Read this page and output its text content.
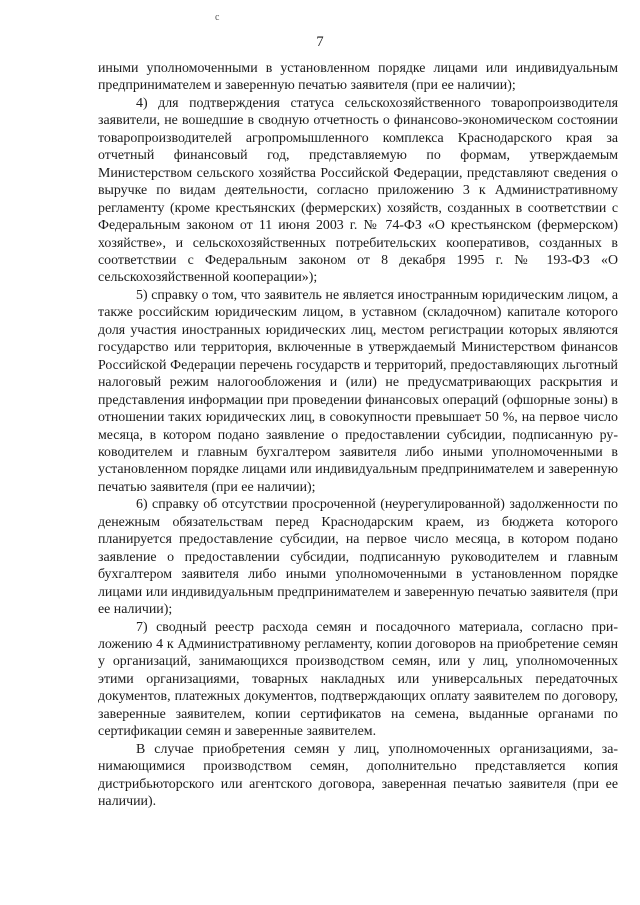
с
7

иными уполномоченными в установленном порядке лицами или индивидуальным предпринимателем и заверенную печатью заявителя (при ее наличии);

4) для подтверждения статуса сельскохозяйственного товаропроизводителя заявители, не вошедшие в сводную отчетность о финансово-экономическом состоянии товаропроизводителей агропромышленного комплекса Краснодарского края за отчетный финансовый год, представляемую по формам, утверждаемым Министерством сельского хозяйства Российской Федерации, представляют сведения о выручке по видам деятельности, согласно приложению 3 к Административному регламенту (кроме крестьянских (фермерских) хозяйств, созданных в соответствии с Федеральным законом от 11 июня 2003 г. № 74-ФЗ «О крестьянском (фермерском) хозяйстве», и сельскохозяйственных потребительских кооперативов, созданных в соответствии с Федеральным законом от 8 декабря 1995 г. № 193-ФЗ «О сельскохозяйственной кооперации»);

5) справку о том, что заявитель не является иностранным юридическим лицом, а также российским юридическим лицом, в уставном (складочном) капитале которого доля участия иностранных юридических лиц, местом регистрации которых являются государство или территория, включенные в утверждаемый Министерством финансов Российской Федерации перечень государств и территорий, предоставляющих льготный налоговый режим налогообложения и (или) не предусматривающих раскрытия и представления информации при проведении финансовых операций (офшорные зоны) в отношении таких юридических лиц, в совокупности превышает 50 %, на первое число месяца, в котором подано заявление о предоставлении субсидии, подписанную руководителем и главным бухгалтером заявителя либо иными уполномоченными в установленном порядке лицами или индивидуальным предпринимателем и заверенную печатью заявителя (при ее наличии);

6) справку об отсутствии просроченной (неурегулированной) задолженности по денежным обязательствам перед Краснодарским краем, из бюджета которого планируется предоставление субсидии, на первое число месяца, в котором подано заявление о предоставлении субсидии, подписанную руководителем и главным бухгалтером заявителя либо иными уполномоченными в установленном порядке лицами или индивидуальным предпринимателем и заверенную печатью заявителя (при ее наличии);

7) сводный реестр расхода семян и посадочного материала, согласно приложению 4 к Административному регламенту, копии договоров на приобретение семян у организаций, занимающихся производством семян, или у лиц, уполномоченных этими организациями, товарных накладных или универсальных передаточных документов, платежных документов, подтверждающих оплату заявителем по договору, заверенные заявителем, копии сертификатов на семена, выданные органами по сертификации семян и заверенные заявителем.

В случае приобретения семян у лиц, уполномоченных организациями, занимающимися производством семян, дополнительно представляется копия дистрибьюторского или агентского договора, заверенная печатью заявителя (при ее наличии).
